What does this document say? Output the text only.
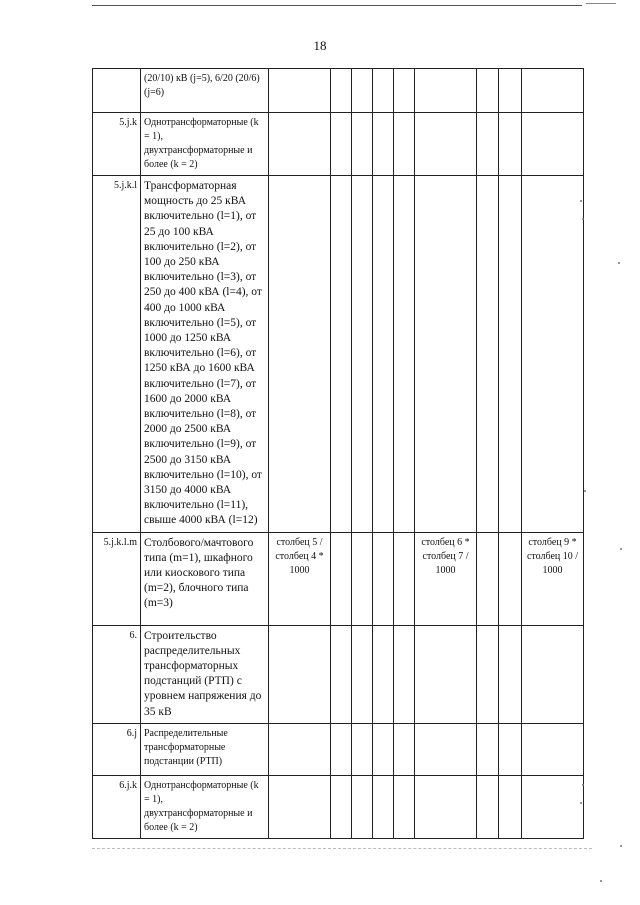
18
	(20/10) кВ (j=5), 6/20 (20/6) (j=6)									
5.j.k	Однотрансформаторные (k = 1), двухтрансформаторные и более (k = 2)									
5.j.k.l	Трансформаторная мощность до 25 кВА включительно (l=1), от 25 до 100 кВА включительно (l=2), от 100 до 250 кВА включительно (l=3), от 250 до 400 кВА (l=4), от 400 до 1000 кВА включительно (l=5), от 1000 до 1250 кВА включительно (l=6), от 1250 кВА до 1600 кВА включительно (l=7), от 1600 до 2000 кВА включительно (l=8), от 2000 до 2500 кВА включительно (l=9), от 2500 до 3150 кВА включительно (l=10), от 3150 до 4000 кВА включительно (l=11), свыше 4000 кВА (l=12)									
5.j.k.l.m	Столбового/мачтового типа (m=1), шкафного или киоскового типа (m=2), блочного типа (m=3)	столбец 5 / столбец 4 * 1000					столбец 6 * столбец 7 / 1000			столбец 9 * столбец 10 / 1000
6.	Строительство распределительных трансформаторных подстанций (РТП) с уровнем напряжения до 35 кВ									
6.j	Распределительные трансформаторные подстанции (РТП)									
6.j.k	Однотрансформаторные (k = 1), двухтрансформаторные и более (k = 2)									
